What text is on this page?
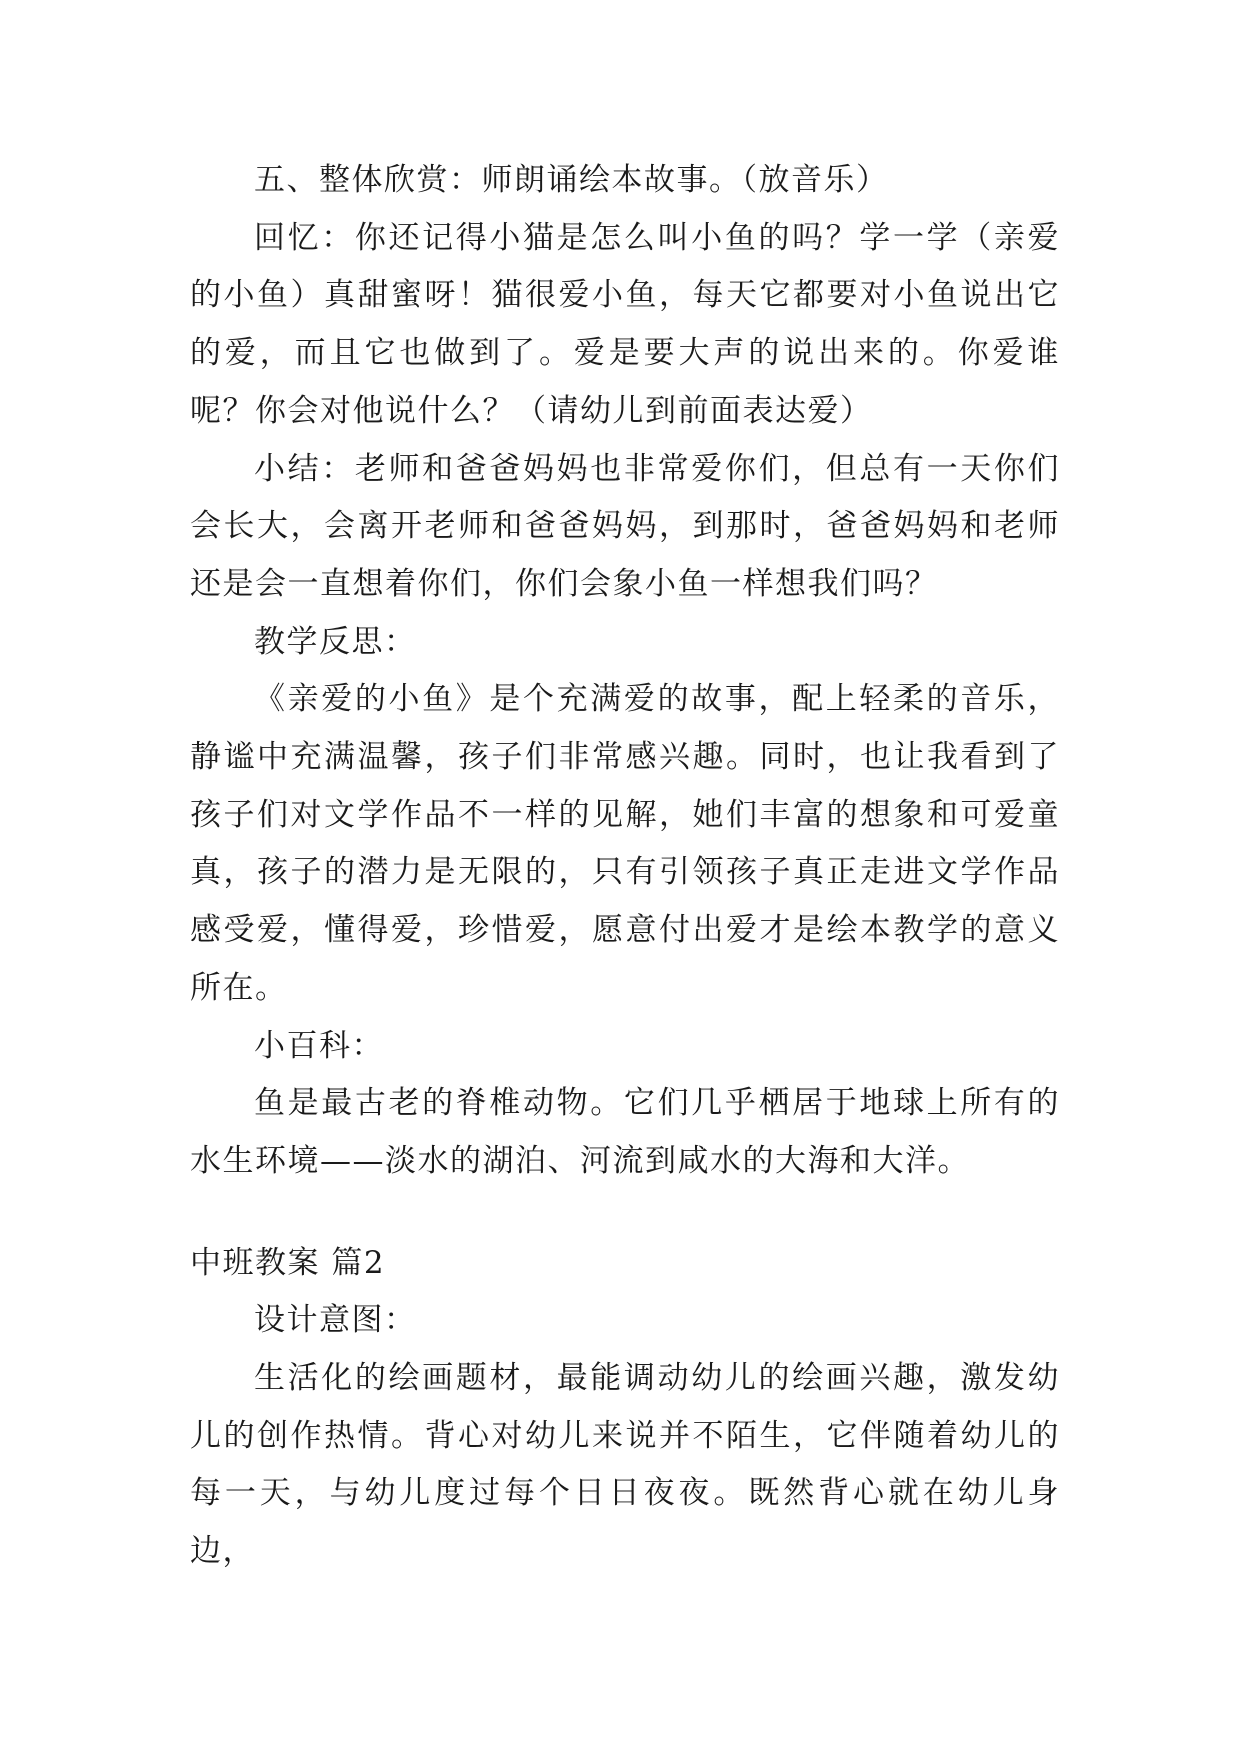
五、整体欣赏：师朗诵绘本故事。（放音乐）

回忆：你还记得小猫是怎么叫小鱼的吗？学一学（亲爱的小鱼）真甜蜜呀！猫很爱小鱼，每天它都要对小鱼说出它的爱，而且它也做到了。爱是要大声的说出来的。你爱谁呢？你会对他说什么？（请幼儿到前面表达爱）

小结：老师和爸爸妈妈也非常爱你们，但总有一天你们会长大，会离开老师和爸爸妈妈，到那时，爸爸妈妈和老师还是会一直想着你们，你们会象小鱼一样想我们吗？

教学反思：

《亲爱的小鱼》是个充满爱的故事，配上轻柔的音乐，静谧中充满温馨，孩子们非常感兴趣。同时，也让我看到了孩子们对文学作品不一样的见解，她们丰富的想象和可爱童真，孩子的潜力是无限的，只有引领孩子真正走进文学作品感受爱，懂得爱，珍惜爱，愿意付出爱才是绘本教学的意义所在。

小百科：

鱼是最古老的脊椎动物。它们几乎栖居于地球上所有的水生环境——淡水的湖泊、河流到咸水的大海和大洋。

中班教案 篇2

设计意图：

生活化的绘画题材，最能调动幼儿的绘画兴趣，激发幼儿的创作热情。背心对幼儿来说并不陌生，它伴随着幼儿的每一天，与幼儿度过每个日日夜夜。既然背心就在幼儿身边，
